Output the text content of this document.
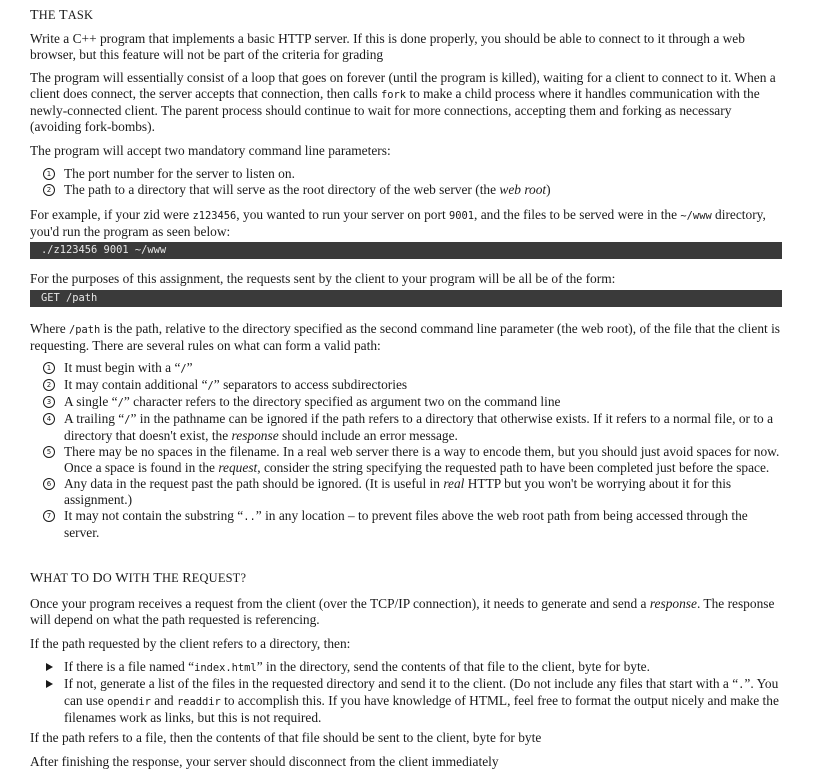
THE TASK

Write a C++ program that implements a basic HTTP server. If this is done properly, you should be able to connect to it through a web browser, but this feature will not be part of the criteria for grading

The program will essentially consist of a loop that goes on forever (until the program is killed), waiting for a client to connect to it. When a client does connect, the server accepts that connection, then calls fork to make a child process where it handles communication with the newly-connected client. The parent process should continue to wait for more connections, accepting them and forking as necessary (avoiding fork-bombs).

The program will accept two mandatory command line parameters:

1 The port number for the server to listen on.
2 The path to a directory that will serve as the root directory of the web server (the web root)

For example, if your zid were z123456, you wanted to run your server on port 9001, and the files to be served were in the ~/www directory, you'd run the program as seen below:

./z123456 9001 ~/www

For the purposes of this assignment, the requests sent by the client to your program will be all be of the form:

GET /path

Where /path is the path, relative to the directory specified as the second command line parameter (the web root), of the file that the client is requesting. There are several rules on what can form a valid path:

1 It must begin with a “/”
2 It may contain additional “/” separators to access subdirectories
3 A single “/” character refers to the directory specified as argument two on the command line
4 A trailing “/” in the pathname can be ignored if the path refers to a directory that otherwise exists. If it refers to a normal file, or to a directory that doesn't exist, the response should include an error message.
5 There may be no spaces in the filename. In a real web server there is a way to encode them, but you should just avoid spaces for now. Once a space is found in the request, consider the string specifying the requested path to have been completed just before the space.
6 Any data in the request past the path should be ignored. (It is useful in real HTTP but you won't be worrying about it for this assignment.)
7 It may not contain the substring “..” in any location – to prevent files above the web root path from being accessed through the server.
WHAT TO DO WITH THE REQUEST?

Once your program receives a request from the client (over the TCP/IP connection), it needs to generate and send a response. The response will depend on what the path requested is referencing.

If the path requested by the client refers to a directory, then:

If there is a file named “index.html” in the directory, send the contents of that file to the client, byte for byte.
If not, generate a list of the files in the requested directory and send it to the client. (Do not include any files that start with a “.”. You can use opendir and readdir to accomplish this. If you have knowledge of HTML, feel free to format the output nicely and make the filenames work as links, but this is not required.

If the path refers to a file, then the contents of that file should be sent to the client, byte for byte

After finishing the response, your server should disconnect from the client immediately
